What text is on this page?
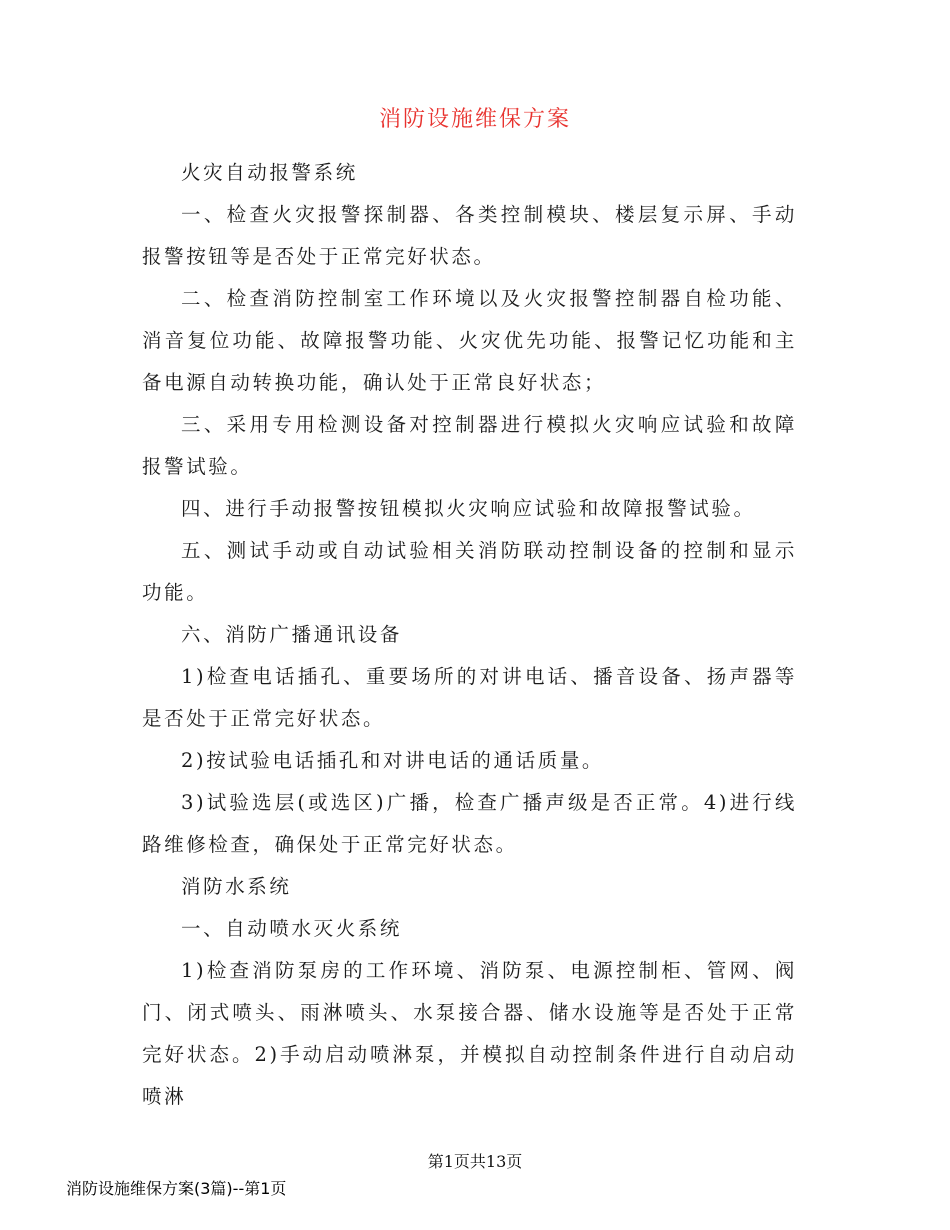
消防设施维保方案

火灾自动报警系统

一、检查火灾报警探制器、各类控制模块、楼层复示屏、手动报警按钮等是否处于正常完好状态。

二、检查消防控制室工作环境以及火灾报警控制器自检功能、消音复位功能、故障报警功能、火灾优先功能、报警记忆功能和主备电源自动转换功能，确认处于正常良好状态；

三、采用专用检测设备对控制器进行模拟火灾响应试验和故障报警试验。

四、进行手动报警按钮模拟火灾响应试验和故障报警试验。

五、测试手动或自动试验相关消防联动控制设备的控制和显示功能。

六、消防广播通讯设备

1)检查电话插孔、重要场所的对讲电话、播音设备、扬声器等是否处于正常完好状态。

2)按试验电话插孔和对讲电话的通话质量。

3)试验选层(或选区)广播，检查广播声级是否正常。4)进行线路维修检查，确保处于正常完好状态。

消防水系统

一、自动喷水灭火系统

1)检查消防泵房的工作环境、消防泵、电源控制柜、管网、阀门、闭式喷头、雨淋喷头、水泵接合器、储水设施等是否处于正常完好状态。2)手动启动喷淋泵，并模拟自动控制条件进行自动启动喷淋

第1页共13页
消防设施维保方案(3篇)--第1页
